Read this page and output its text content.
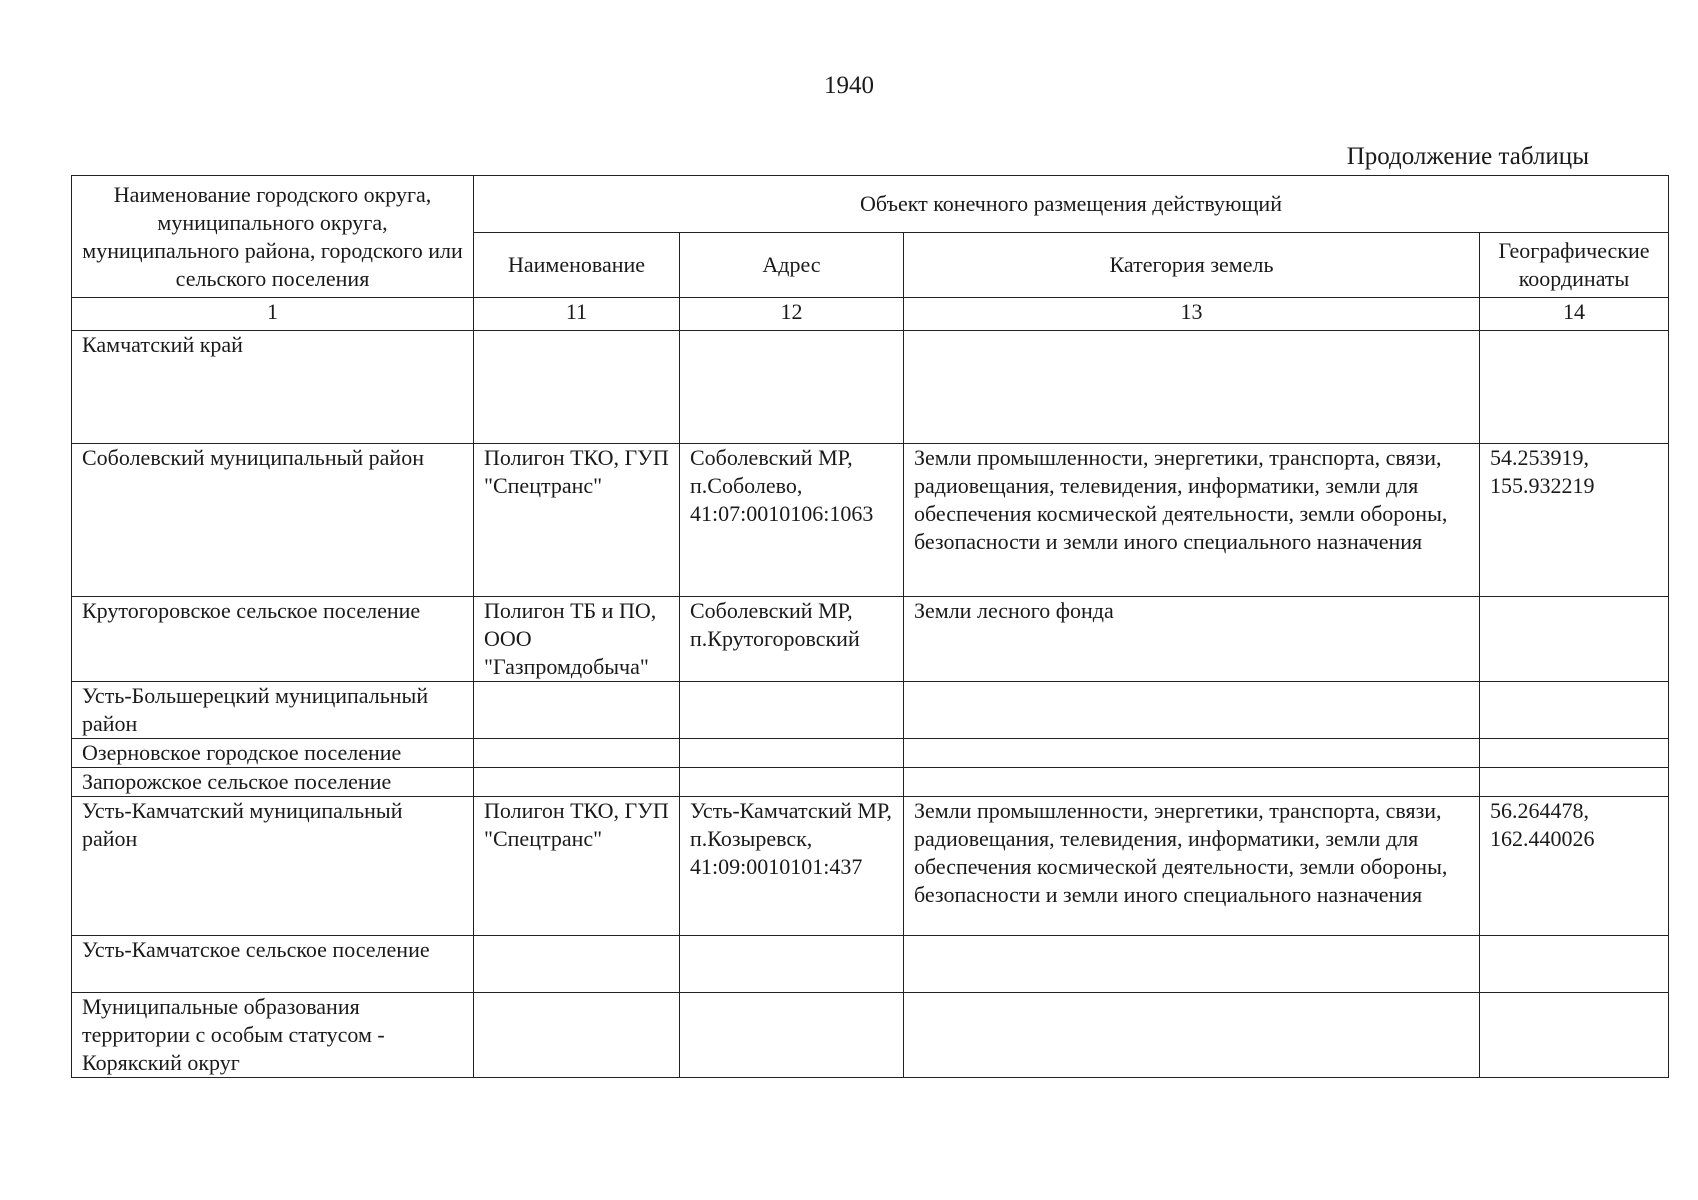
1940
Продолжение таблицы
Наименование городского округа, муниципального округа, муниципального района, городского или сельского поселения	Объект конечного размещения действующий			
	Наименование	Адрес	Категория земель	Географические координаты
1	11	12	13	14
Камчатский край				
Соболевский муниципальный район	Полигон ТКО, ГУП "Спецтранс"	Соболевский МР, п.Соболево, 41:07:0010106:1063	Земли промышленности, энергетики, транспорта, связи, радиовещания, телевидения, информатики, земли для обеспечения космической деятельности, земли обороны, безопасности и земли иного специального назначения	54.253919, 155.932219
Крутогоровское сельское поселение	Полигон ТБ и ПО, ООО "Газпромдобыча"	Соболевский МР, п.Крутогоровский	Земли лесного фонда	
Усть-Большерецкий муниципальный район				
Озерновское городское поселение				
Запорожское сельское поселение				
Усть-Камчатский муниципальный район	Полигон ТКО, ГУП "Спецтранс"	Усть-Камчатский МР, п.Козыревск, 41:09:0010101:437	Земли промышленности, энергетики, транспорта, связи, радиовещания, телевидения, информатики, земли для обеспечения космической деятельности, земли обороны, безопасности и земли иного специального назначения	56.264478, 162.440026
Усть-Камчатское сельское поселение				
Муниципальные образования территории с особым статусом - Корякский округ				
